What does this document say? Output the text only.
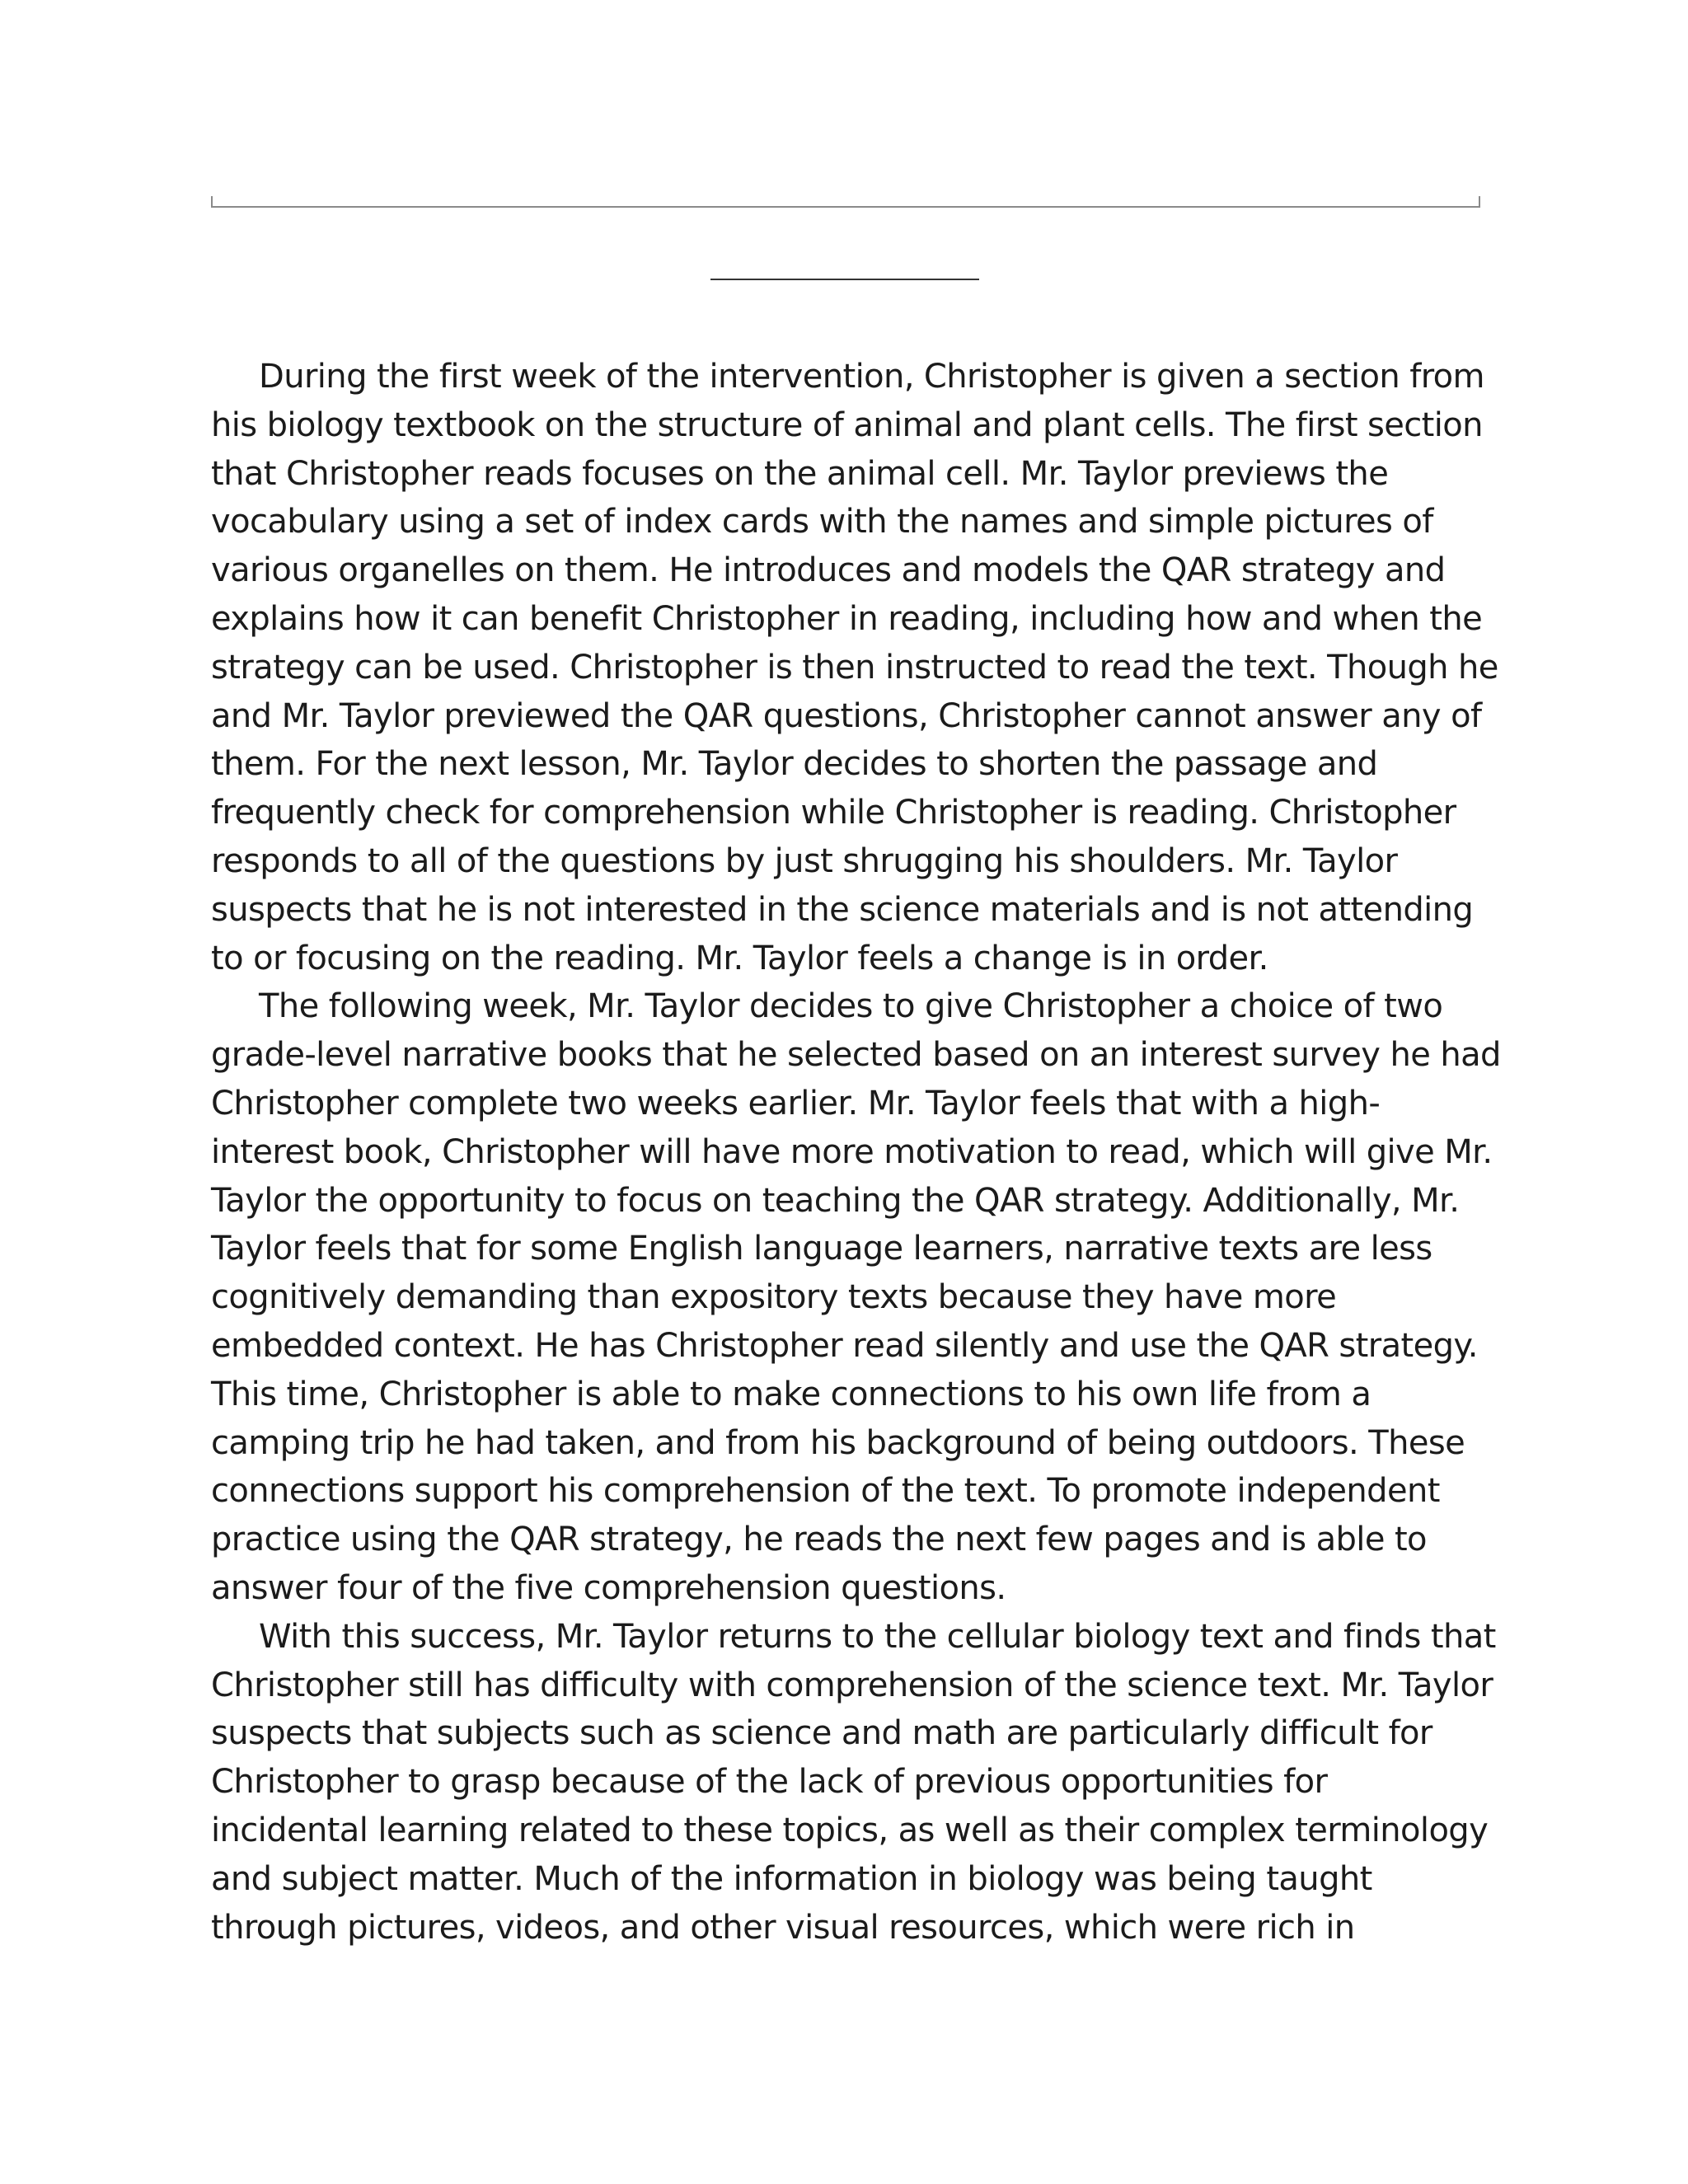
During the first week of the intervention, Christopher is given a section from
his biology textbook on the structure of animal and plant cells. The first section
that Christopher reads focuses on the animal cell. Mr. Taylor previews the
vocabulary using a set of index cards with the names and simple pictures of
various organelles on them. He introduces and models the QAR strategy and
explains how it can benefit Christopher in reading, including how and when the
strategy can be used. Christopher is then instructed to read the text. Though he
and Mr. Taylor previewed the QAR questions, Christopher cannot answer any of
them. For the next lesson, Mr. Taylor decides to shorten the passage and
frequently check for comprehension while Christopher is reading. Christopher
responds to all of the questions by just shrugging his shoulders. Mr. Taylor
suspects that he is not interested in the science materials and is not attending
to or focusing on the reading. Mr. Taylor feels a change is in order.
The following week, Mr. Taylor decides to give Christopher a choice of two
grade-level narrative books that he selected based on an interest survey he had
Christopher complete two weeks earlier. Mr. Taylor feels that with a high-
interest book, Christopher will have more motivation to read, which will give Mr.
Taylor the opportunity to focus on teaching the QAR strategy. Additionally, Mr.
Taylor feels that for some English language learners, narrative texts are less
cognitively demanding than expository texts because they have more
embedded context. He has Christopher read silently and use the QAR strategy.
This time, Christopher is able to make connections to his own life from a
camping trip he had taken, and from his background of being outdoors. These
connections support his comprehension of the text. To promote independent
practice using the QAR strategy, he reads the next few pages and is able to
answer four of the five comprehension questions.
With this success, Mr. Taylor returns to the cellular biology text and finds that
Christopher still has difficulty with comprehension of the science text. Mr. Taylor
suspects that subjects such as science and math are particularly difficult for
Christopher to grasp because of the lack of previous opportunities for
incidental learning related to these topics, as well as their complex terminology
and subject matter. Much of the information in biology was being taught
through pictures, videos, and other visual resources, which were rich in
